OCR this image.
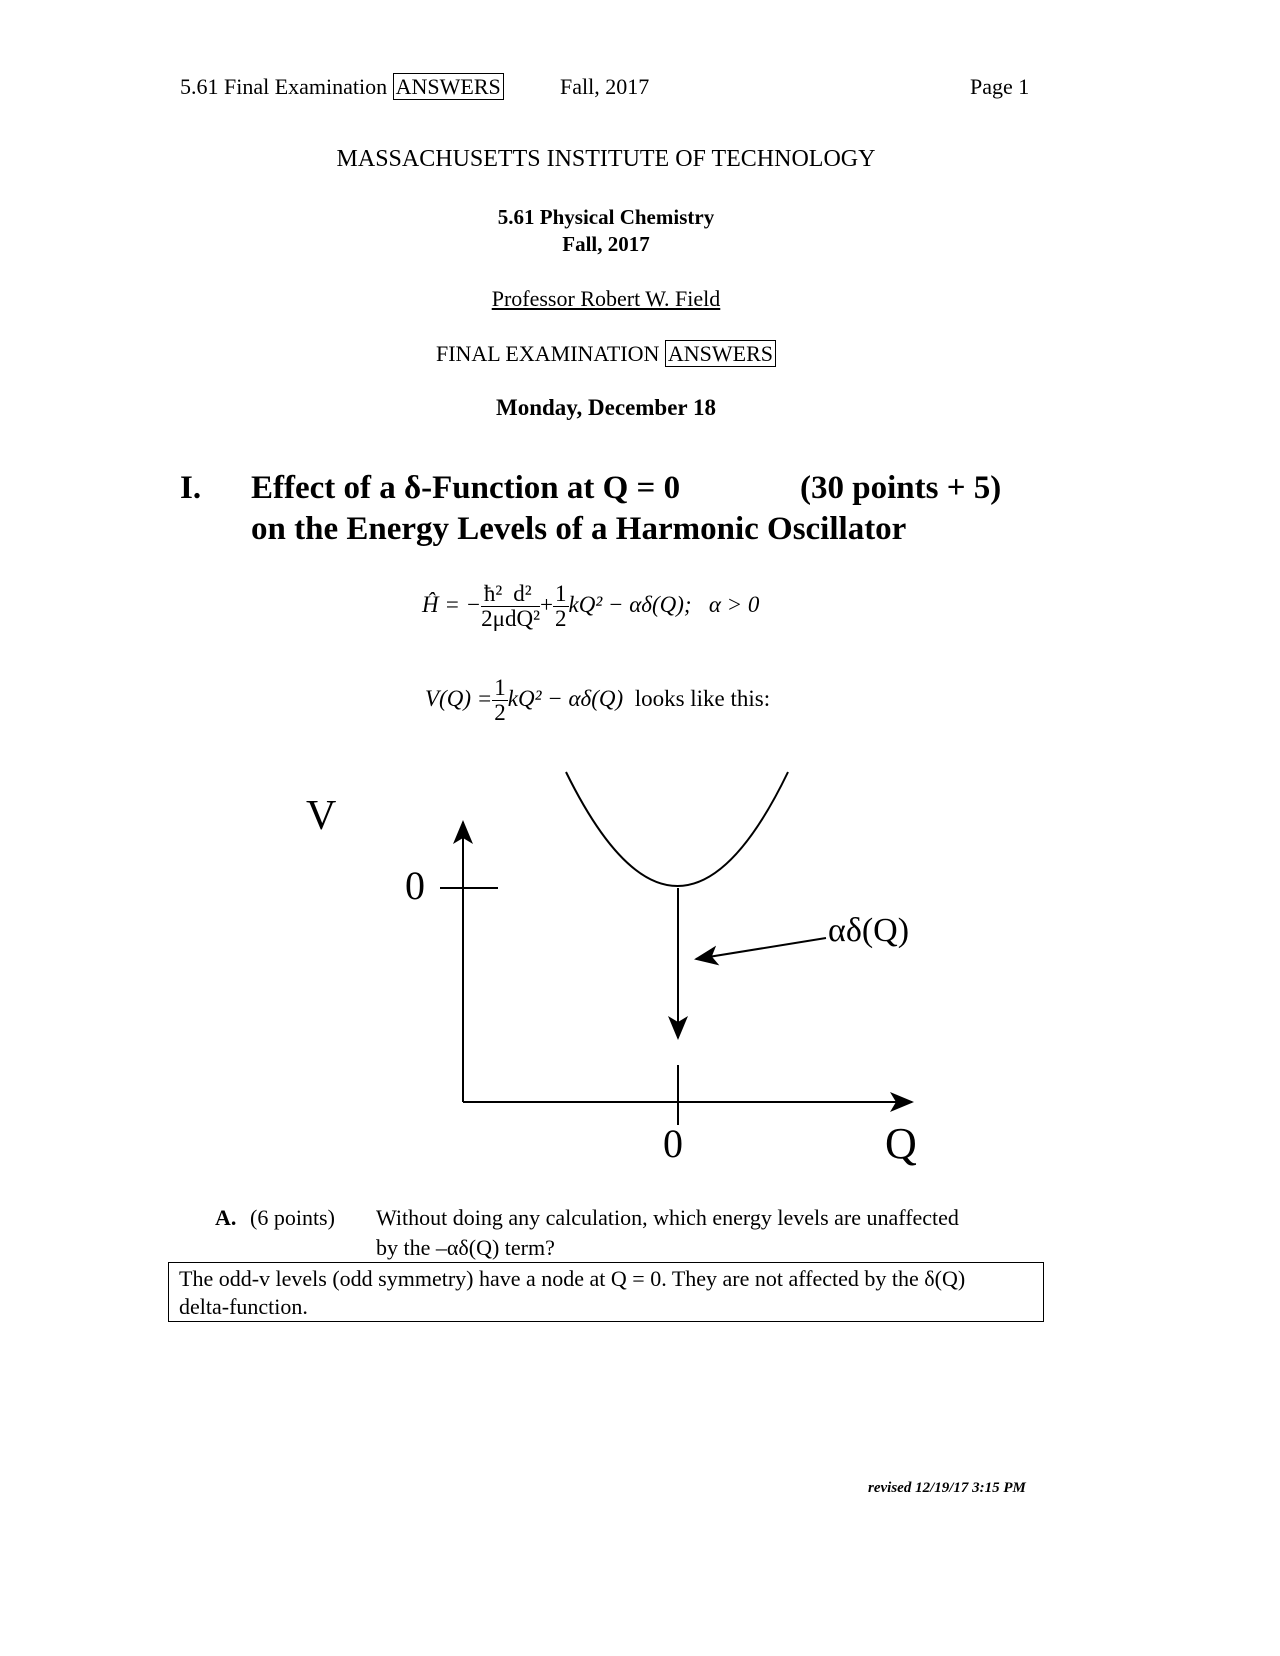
5.61 Final Examination ANSWERS	Fall, 2017	Page 1
MASSACHUSETTS INSTITUTE OF TECHNOLOGY
5.61 Physical Chemistry
Fall, 2017
Professor Robert W. Field
FINAL EXAMINATION ANSWERS
Monday, December 18
I. Effect of a δ-Function at Q = 0	(30 points + 5)
on the Energy Levels of a Harmonic Oscillator
Ĥ = − $\frac{\text{ħ²}}{2\mu} \frac{\text{d²}}{\text{dQ²}} + \frac{1}{2} kQ^2 - \alpha\delta(Q)$; α > 0
$V(Q) = \frac{1}{2} kQ^2 - \alpha\delta(Q)$ looks like this:
V
0
αδ(Q)
0	Q
A. (6 points) Without doing any calculation, which energy levels are unaffected
by the –αδ(Q) term?
The odd-v levels (odd symmetry) have a node at Q = 0. They are not affected by the δ(Q)
delta-function.
revised 12/19/17 3:15 PM
